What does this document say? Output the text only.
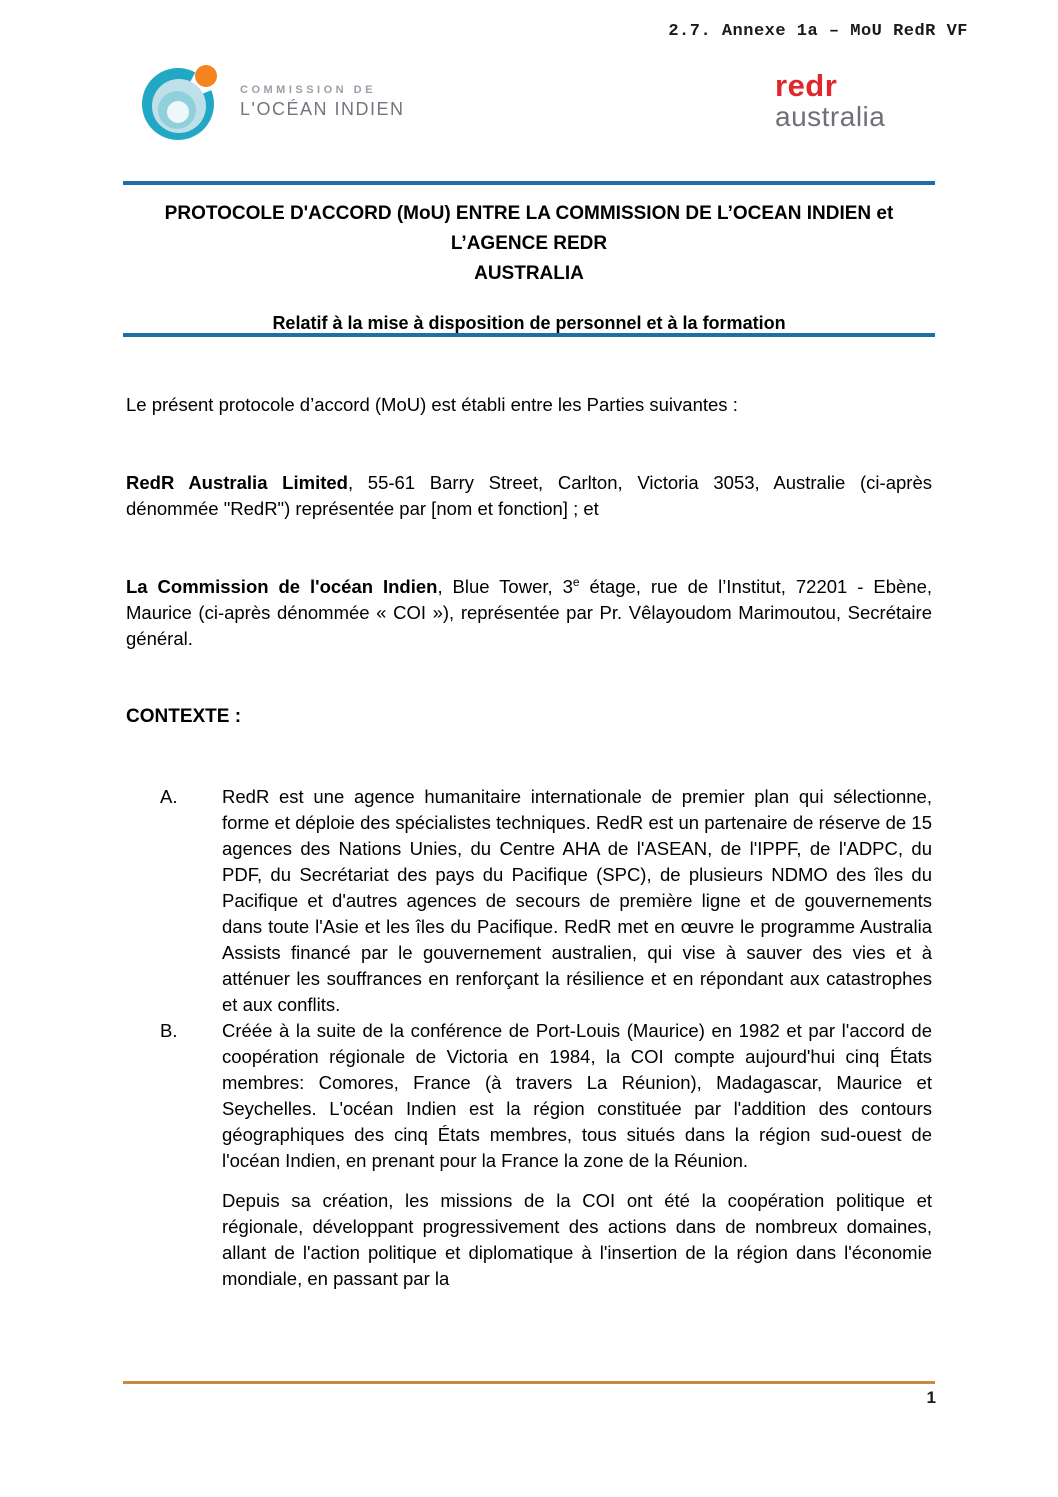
2.7. Annexe 1a – MoU RedR VF
COMMISSION DE
L'OCÉAN INDIEN
redr
australia
PROTOCOLE D'ACCORD (MoU) ENTRE LA COMMISSION DE L’OCEAN INDIEN et L’AGENCE REDR
AUSTRALIA
Relatif à la mise à disposition de personnel et à la formation

Le présent protocole d’accord (MoU) est établi entre les Parties suivantes :

RedR Australia Limited, 55-61 Barry Street, Carlton, Victoria 3053, Australie (ci-après dénommée "RedR") représentée par [nom et fonction] ; et

La Commission de l'océan Indien, Blue Tower, 3e étage, rue de l’Institut, 72201 - Ebène, Maurice (ci-après dénommée « COI »), représentée par Pr. Vêlayoudom Marimoutou, Secrétaire général.

CONTEXTE :
A.	RedR est une agence humanitaire internationale de premier plan qui sélectionne, forme et déploie des spécialistes techniques. RedR est un partenaire de réserve de 15 agences des Nations Unies, du Centre AHA de l'ASEAN, de l'IPPF, de l'ADPC, du PDF, du Secrétariat des pays du Pacifique (SPC), de plusieurs NDMO des îles du Pacifique et d'autres agences de secours de première ligne et de gouvernements dans toute l'Asie et les îles du Pacifique. RedR met en œuvre le programme Australia Assists financé par le gouvernement australien, qui vise à sauver des vies et à atténuer les souffrances en renforçant la résilience et en répondant aux catastrophes et aux conflits.
B.	Créée à la suite de la conférence de Port-Louis (Maurice) en 1982 et par l'accord de coopération régionale de Victoria en 1984, la COI compte aujourd'hui cinq États membres: Comores, France (à travers La Réunion), Madagascar, Maurice et Seychelles. L'océan Indien est la région constituée par l'addition des contours géographiques des cinq États membres, tous situés dans la région sud-ouest de l'océan Indien, en prenant pour la France la zone de la Réunion.

Depuis sa création, les missions de la COI ont été la coopération politique et régionale, développant progressivement des actions dans de nombreux domaines, allant de l'action politique et diplomatique à l'insertion de la région dans l'économie mondiale, en passant par la

1
